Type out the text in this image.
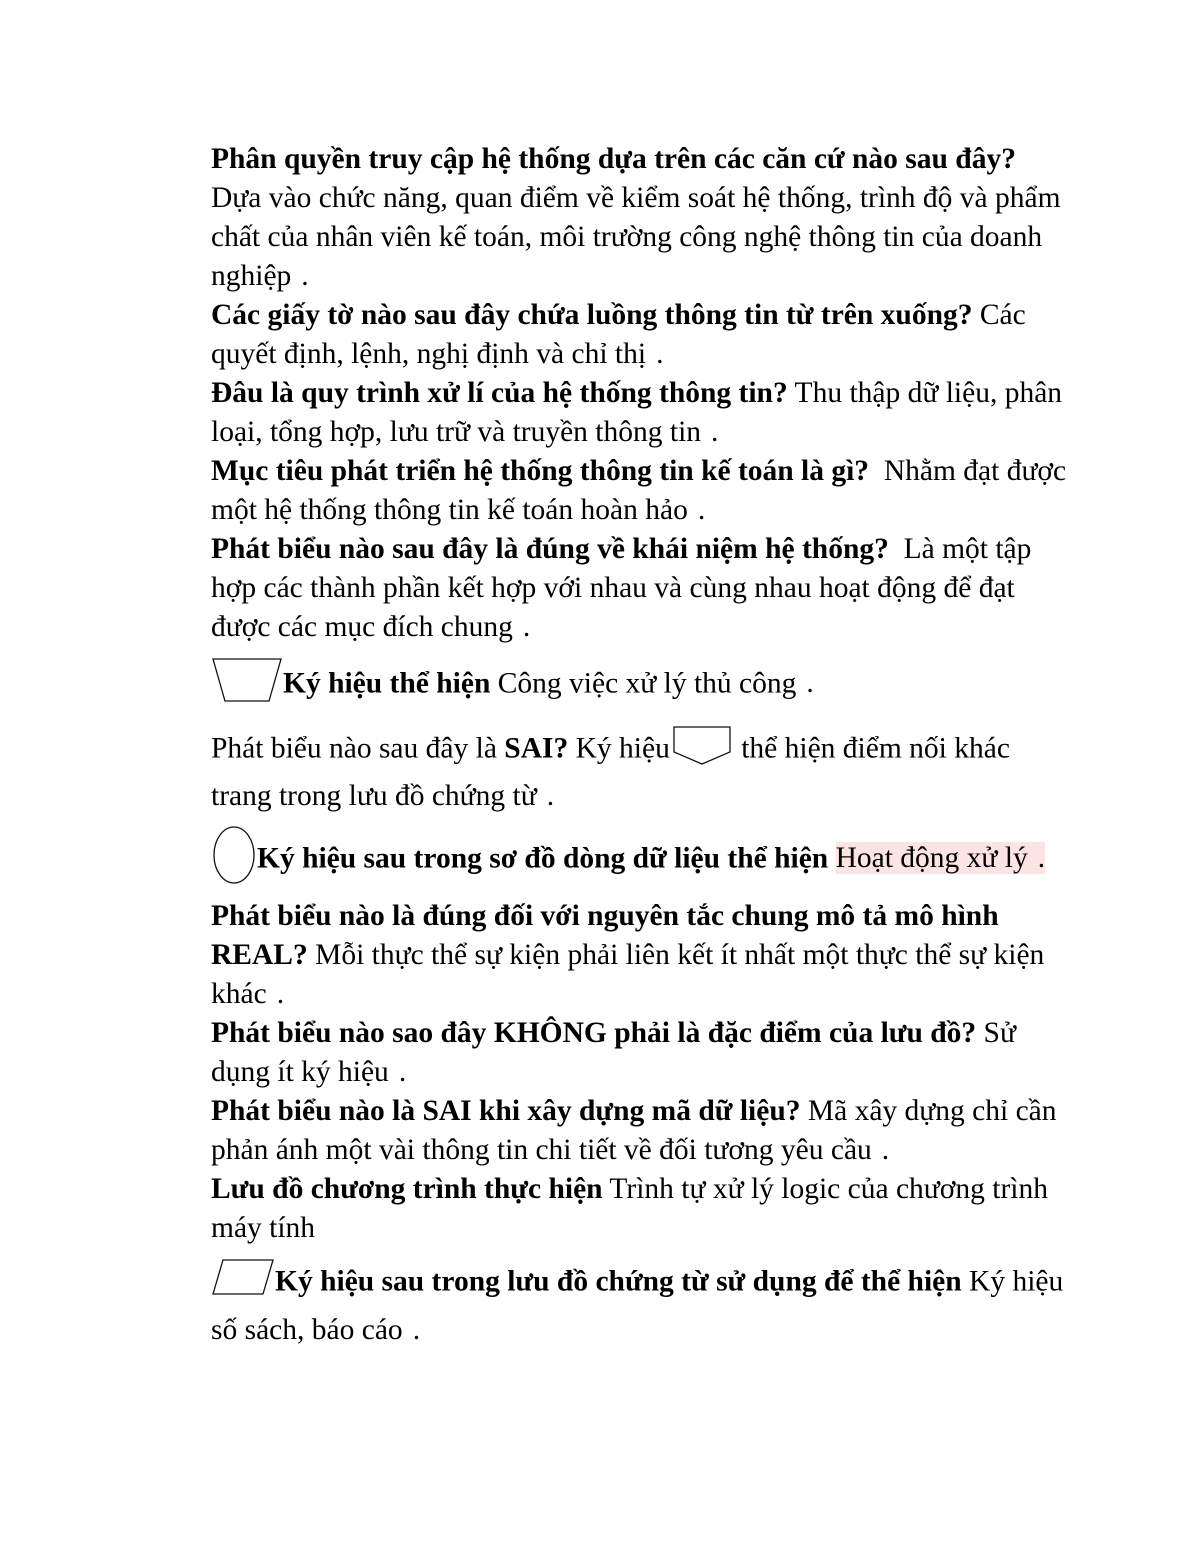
Phân quyền truy cập hệ thống dựa trên các căn cứ nào sau đây?  Dựa vào chức năng, quan điểm về kiểm soát hệ thống, trình độ và phẩm chất của nhân viên kế toán, môi trường công nghệ thông tin của doanh nghiệp .

Các giấy tờ nào sau đây chứa luồng thông tin từ trên xuống? Các quyết định, lệnh, nghị định và chỉ thị .

Đâu là quy trình xử lí của hệ thống thông tin? Thu thập dữ liệu, phân loại, tổng hợp, lưu trữ và truyền thông tin .

Mục tiêu phát triển hệ thống thông tin kế toán là gì? Nhằm đạt được một hệ thống thông tin kế toán hoàn hảo .

Phát biểu nào sau đây là đúng về khái niệm hệ thống? Là một tập hợp các thành phần kết hợp với nhau và cùng nhau hoạt động để đạt được các mục đích chung .

Ký hiệu thể hiện Công việc xử lý thủ công .

Phát biểu nào sau đây là SAI? Ký hiệu thể hiện điểm nối khác trang trong lưu đồ chứng từ .

Ký hiệu sau trong sơ đồ dòng dữ liệu thể hiện Hoạt động xử lý .

Phát biểu nào là đúng đối với nguyên tắc chung mô tả mô hình REAL? Mỗi thực thể sự kiện phải liên kết ít nhất một thực thể sự kiện khác .

Phát biểu nào sao đây KHÔNG phải là đặc điểm của lưu đồ? Sử dụng ít ký hiệu .

Phát biểu nào là SAI khi xây dựng mã dữ liệu? Mã xây dựng chỉ cần phản ánh một vài thông tin chi tiết về đối tương yêu cầu .

Lưu đồ chương trình thực hiện Trình tự xử lý logic của chương trình máy tính

Ký hiệu sau trong lưu đồ chứng từ sử dụng để thể hiện Ký hiệu số sách, báo cáo .
